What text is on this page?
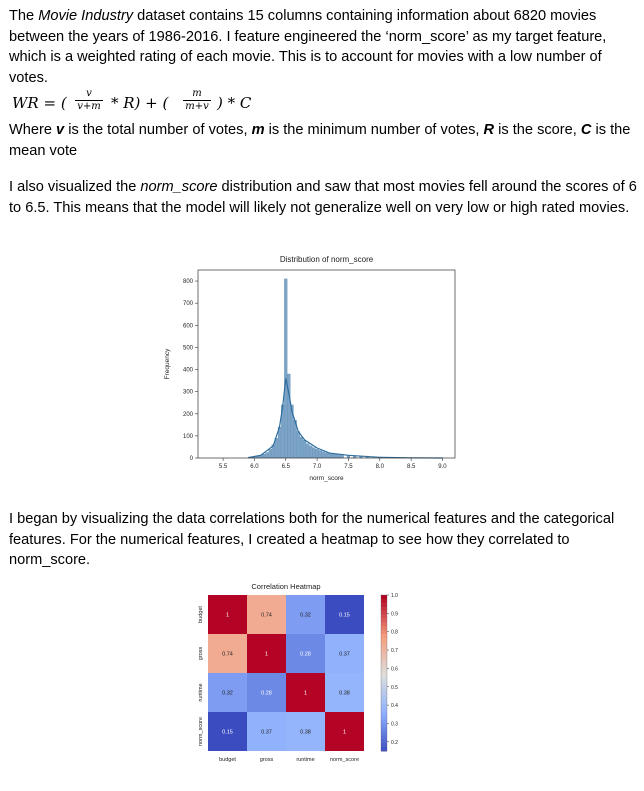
The Movie Industry dataset contains 15 columns containing information about 6820 movies between the years of 1986-2016. I feature engineered the ‘norm_score’ as my target feature, which is a weighted rating of each movie. This is to account for movies with a low number of votes.

WR = ( $\frac{v}{v+m} * R$) + ( $\frac{m}{m+v}$ ) * C

Where v is the total number of votes, m is the minimum number of votes, R is the score, C is the mean vote

I also visualized the norm_score distribution and saw that most movies fell around the scores of 6 to 6.5. This means that the model will likely not generalize well on very low or high rated movies.

Distribution of norm_score
norm_score
Frequency
0
100
200
300
400
500
600
700
800
5.5	6.0	6.5	7.0	7.5	8.0	8.5	9.0

I began by visualizing the data correlations both for the numerical features and the categorical features. For the numerical features, I created a heatmap to see how they correlated to norm_score.

Correlation Heatmap
1	0.74	0.32	0.15
0.74	1	0.28	0.37
0.32	0.28	1	0.38
0.15	0.37	0.38	1
budget
budget
gross
gross
runtime
runtime
norm_score
norm_score
1.0
0.9
0.8
0.7
0.6
0.5
0.4
0.3
0.2
